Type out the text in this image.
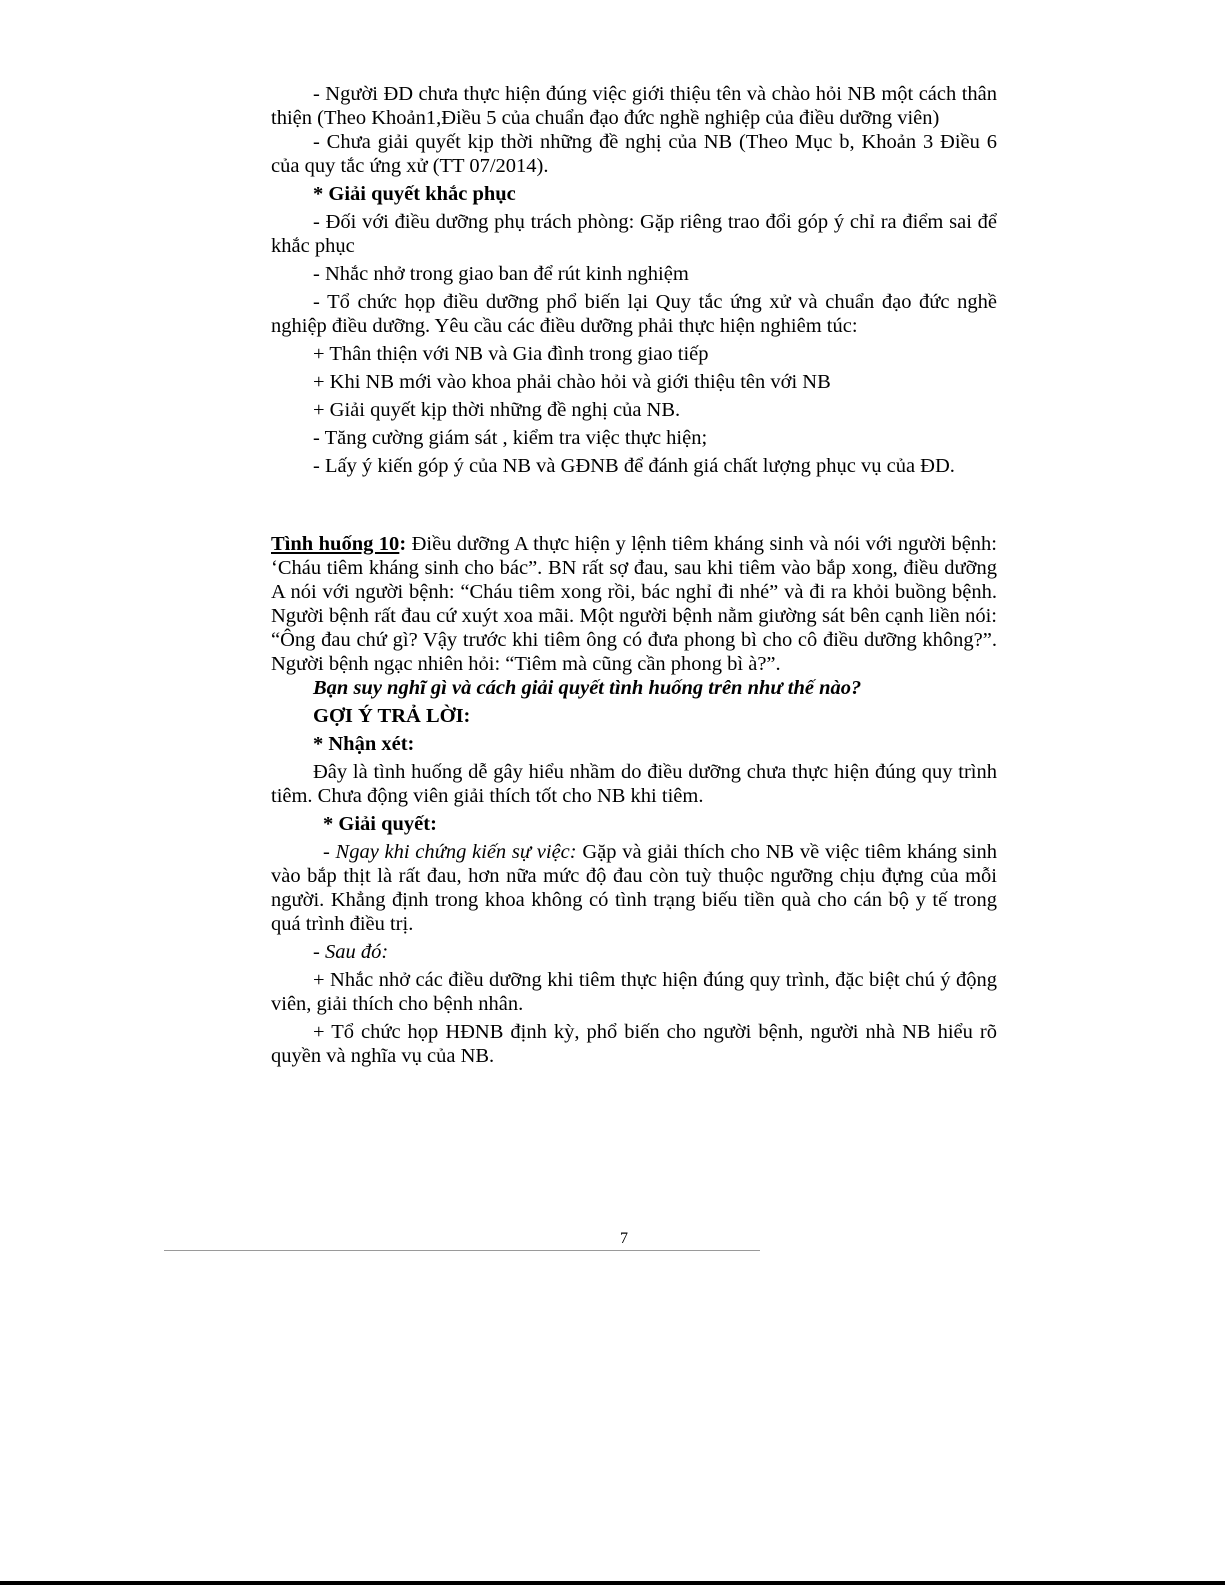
- Người ĐD chưa thực hiện đúng việc giới thiệu tên và chào hỏi NB một cách thân thiện (Theo Khoản1,Điều 5 của chuẩn đạo đức nghề nghiệp của điều dưỡng viên)

- Chưa giải quyết kịp thời những đề nghị của NB (Theo Mục b, Khoản 3 Điều 6 của quy tắc ứng xử (TT 07/2014).

* Giải quyết khắc phục

- Đối với điều dưỡng phụ trách phòng: Gặp riêng trao đổi góp ý chỉ ra điểm sai để khắc phục

- Nhắc nhở trong giao ban để rút kinh nghiệm

- Tổ chức họp điều dưỡng phổ biến lại Quy tắc ứng xử và chuẩn đạo đức nghề nghiệp điều dưỡng. Yêu cầu các điều dưỡng phải thực hiện nghiêm túc:

+ Thân thiện với NB và Gia đình trong giao tiếp

+ Khi NB mới vào khoa phải chào hỏi và giới thiệu tên với NB

+ Giải quyết kịp thời những đề nghị của NB.

- Tăng cường giám sát , kiểm tra việc thực hiện;

- Lấy ý kiến góp ý của NB và GĐNB để đánh giá chất lượng phục vụ của ĐD.

Tình huống 10: Điều dưỡng A thực hiện y lệnh tiêm kháng sinh và nói với người bệnh: ‘Cháu tiêm kháng sinh cho bác”. BN rất sợ đau, sau khi tiêm vào bắp xong, điều dưỡng A nói với người bệnh: “Cháu tiêm xong rồi, bác nghỉ đi nhé” và đi ra khỏi buồng bệnh. Người bệnh rất đau cứ xuýt xoa mãi. Một người bệnh nằm giường sát bên cạnh liền nói: “Ông đau chứ gì? Vậy trước khi tiêm ông có đưa phong bì cho cô điều dưỡng không?”. Người bệnh ngạc nhiên hỏi: “Tiêm mà cũng cần phong bì à?”.

Bạn suy nghĩ gì và cách giải quyết tình huống trên như thế nào?

GỢI Ý TRẢ LỜI:

* Nhận xét:

Đây là tình huống dễ gây hiểu nhầm do điều dưỡng chưa thực hiện đúng quy trình tiêm. Chưa động viên giải thích tốt cho NB khi tiêm.

* Giải quyết:

- Ngay khi chứng kiến sự việc: Gặp và giải thích cho NB về việc tiêm kháng sinh vào bắp thịt là rất đau, hơn nữa mức độ đau còn tuỳ thuộc ngưỡng chịu đựng của mỗi người. Khẳng định trong khoa không có tình trạng biếu tiền quà cho cán bộ y tế trong quá trình điều trị.

- Sau đó:

+ Nhắc nhở các điều dưỡng khi tiêm thực hiện đúng quy trình, đặc biệt chú ý động viên, giải thích cho bệnh nhân.

+ Tổ chức họp HĐNB định kỳ, phổ biến cho người bệnh, người nhà NB hiểu rõ quyền và nghĩa vụ của NB.

7
